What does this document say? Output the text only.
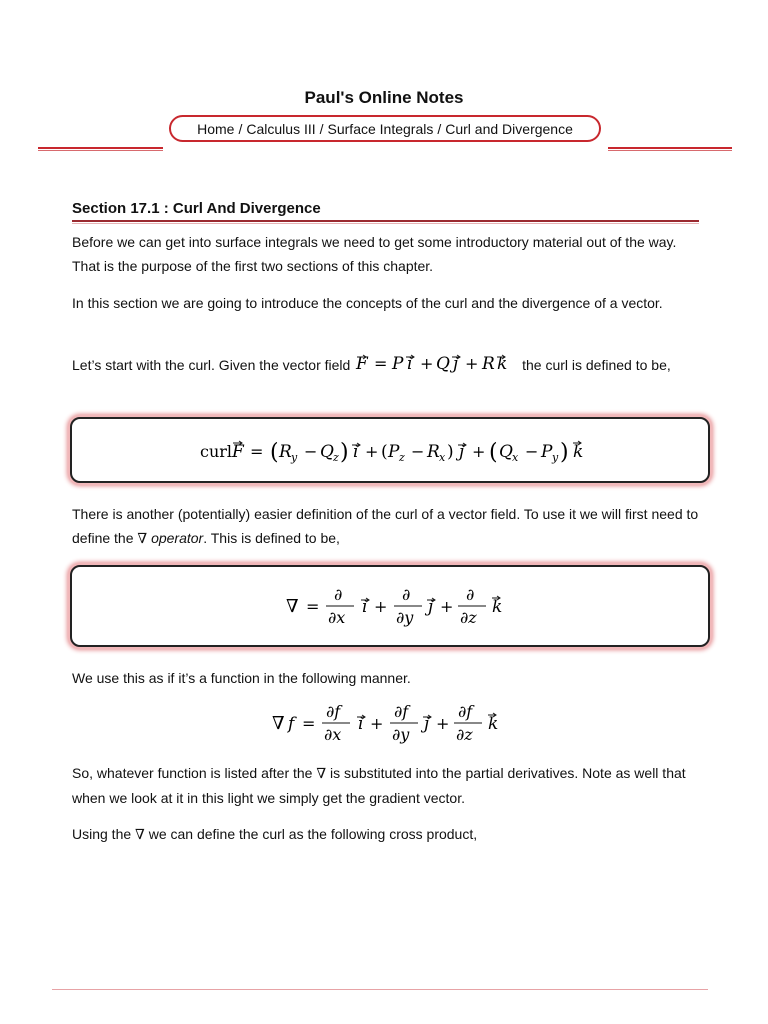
Paul's Online Notes
Home / Calculus III / Surface Integrals / Curl and Divergence
Section 17.1 : Curl And Divergence
Before we can get into surface integrals we need to get some introductory material out of the way. That is the purpose of the first two sections of this chapter.
In this section we are going to introduce the concepts of the curl and the divergence of a vector.
Let’s start with the curl. Given the vector field F = P i + Q j + R k the curl is defined to be,
curl F = ( R y − Q z ) i + ( P z − R x ) j + ( Q x − P y ) k
There is another (potentially) easier definition of the curl of a vector field. To use it we will first need to define the ∇ operator. This is defined to be,
∇ =
∂
∂x
i +
∂
∂y
j +
∂
∂z
k
We use this as if it’s a function in the following manner.
∇ f =
∂f
∂x
i +
∂f
∂y
j +
∂f
∂z
k
So, whatever function is listed after the ∇ is substituted into the partial derivatives. Note as well that when we look at it in this light we simply get the gradient vector.
Using the ∇ we can define the curl as the following cross product,
